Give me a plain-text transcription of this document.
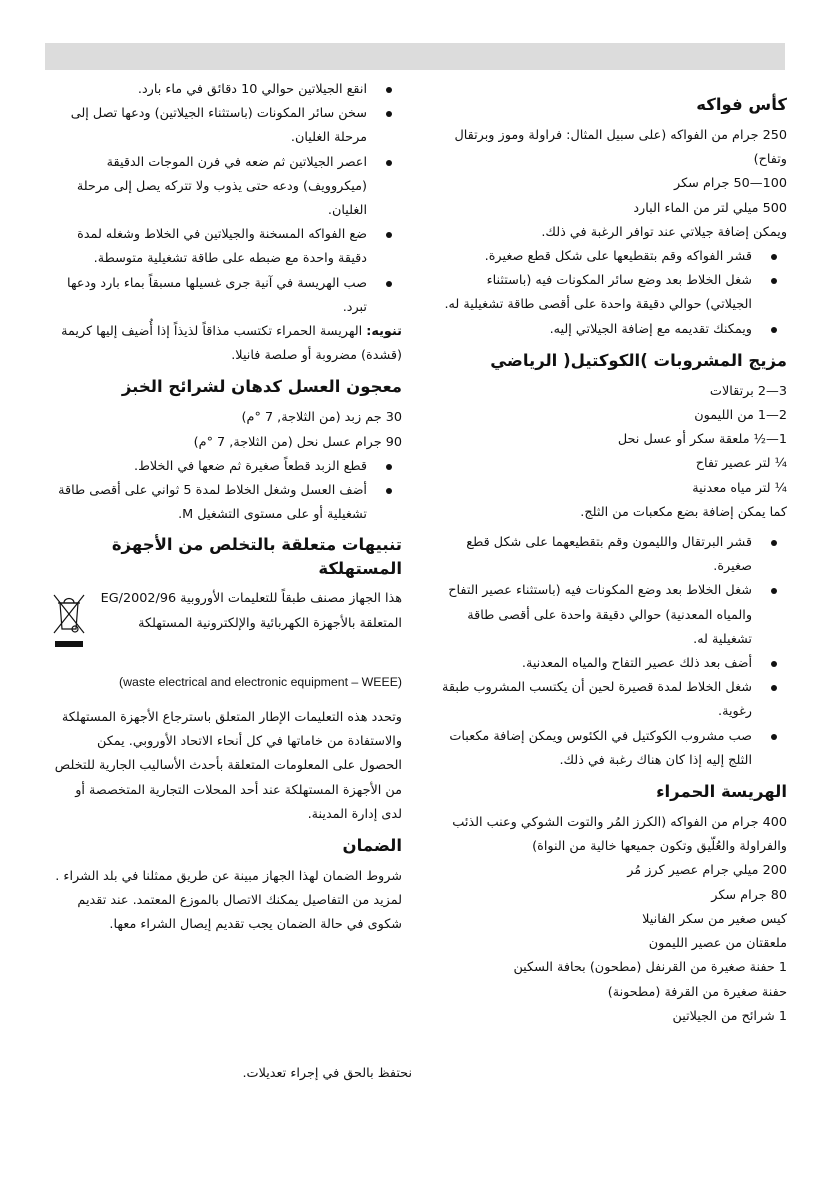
كأس فواكه

250 جرام من الفواكه (على سبيل المثال: فراولة وموز وبرتقال وتفاح)

100—50 جرام سكر

500 ميلي لتر من الماء البارد

ويمكن إضافة جيلاتي عند توافر الرغبة في ذلك.

قشر الفواكه وقم بتقطيعها على شكل قطع صغيرة.
شغل الخلاط بعد وضع سائر المكونات فيه (باستثناء الجيلاتي) حوالي دقيقة واحدة على أقصى طاقة تشغيلية له.
ويمكنك تقديمه مع إضافة الجيلاتي إليه.
مزيج المشروبات )الكوكتيل( الرياضي

3—2 برتقالات

2—1 من الليمون

1—½ ملعقة سكر أو عسل نحل

¼ لتر عصير تفاح

¼ لتر مياه معدنية

كما يمكن إضافة بضع مكعبات من الثلج.

قشر البرتقال والليمون وقم بتقطيعهما على شكل قطع صغيرة.
شغل الخلاط بعد وضع المكونات فيه (باستثناء عصير التفاح والمياه المعدنية) حوالي دقيقة واحدة على أقصى طاقة تشغيلية له.
أضف بعد ذلك عصير التفاح والمياه المعدنية.
شغل الخلاط لمدة قصيرة لحين أن يكتسب المشروب طبقة رغوية.
صب مشروب الكوكتيل في الكئوس ويمكن إضافة مكعبات الثلج إليه إذا كان هناك رغبة في ذلك.
الهريسة الحمراء

400 جرام من الفواكه (الكرز المُر والتوت الشوكي وعنب الذئب والفراولة والعُلّيق وتكون جميعها خالية من النواة)

200 ميلي جرام عصير كرز مُر

80 جرام سكر

كيس صغير من سكر الفانيلا

ملعقتان من عصير الليمون

1 حفنة صغيرة من القرنفل (مطحون) بحافة السكين

حفنة صغيرة من القرفة (مطحونة)

1 شرائح من الجيلاتين

انقع الجيلاتين حوالي 10 دقائق في ماء بارد.
سخن سائر المكونات (باستثناء الجيلاتين) ودعها تصل إلى مرحلة الغليان.
اعصر الجيلاتين ثم ضعه في فرن الموجات الدقيقة (ميكروويف) ودعه حتى يذوب ولا تتركه يصل إلى مرحلة الغليان.
ضع الفواكه المسخنة والجيلاتين في الخلاط وشغله لمدة دقيقة واحدة مع ضبطه على طاقة تشغيلية متوسطة.
صب الهريسة في آنية جرى غسيلها مسبقاً بماء بارد ودعها تبرد.

تنويه: الهريسة الحمراء تكتسب مذاقاً لذيذاً إذا أُضيف إليها كريمة (قشدة) مضروبة أو صلصة فانيلا.

معجون العسل كدهان لشرائح الخبز

30 جم زبد (من الثلاجة, 7 °م)

90 جرام عسل نحل (من الثلاجة, 7 °م)

قطع الزبد قطعاً صغيرة ثم ضعها في الخلاط.
أضف العسل وشغل الخلاط لمدة 5 ثواني على أقصى طاقة تشغيلية أو على مستوى التشغيل M.
تنبيهات متعلقة بالتخلص من الأجهزة المستهلكة

هذا الجهاز مصنف طبقاً للتعليمات الأوروبية 2002/96/EG المتعلقة بالأجهزة الكهربائية والإلكترونية المستهلكة

(waste electrical and electronic equipment – WEEE)

وتحدد هذه التعليمات الإطار المتعلق باسترجاع الأجهزة المستهلكة والاستفادة من خاماتها في كل أنحاء الاتحاد الأوروبي. يمكن الحصول على المعلومات المتعلقة بأحدث الأساليب الجارية للتخلص من الأجهزة المستهلكة عند أحد المحلات التجارية المتخصصة أو لدى إدارة المدينة.

الضمان

شروط الضمان لهذا الجهاز مبينة عن طريق ممثلنا في بلد الشراء . لمزيد من التفاصيل يمكنك الاتصال بالموزع المعتمد. عند تقديم شكوى في حالة الضمان يجب تقديم إيصال الشراء معها.

نحتفظ بالحق في إجراء تعديلات.
